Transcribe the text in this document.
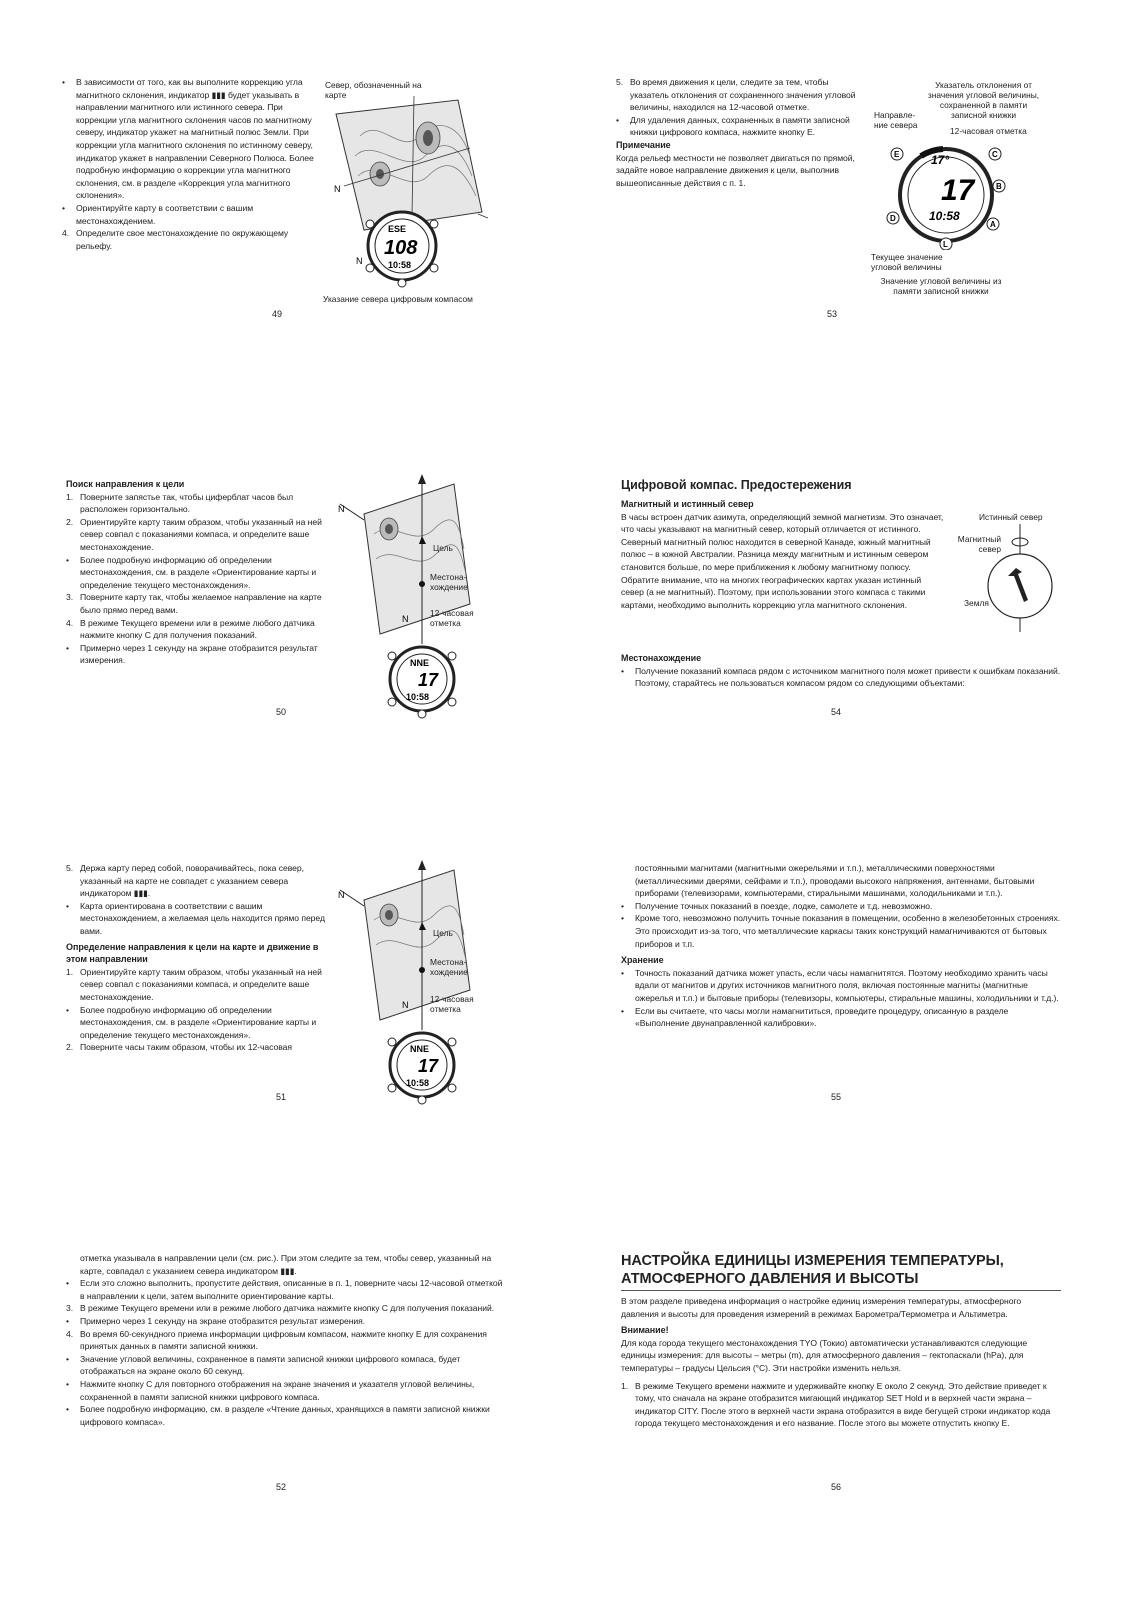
• В зависимости от того, как вы выполните коррекцию угла магнитного склонения, индикатор ▮▮▮ будет указывать в направлении магнитного или истинного севера. При коррекции угла магнитного склонения часов по магнитному северу, индикатор укажет на магнитный полюс Земли. При коррекции угла магнитного склонения по истинному северу, индикатор укажет в направлении Северного Полюса. Более подробную информацию о коррекции угла магнитного склонения, см. в разделе «Коррекция угла магнитного склонения».

• Ориентируйте карту в соответствии с вашим местонахождением.

4. Определите свое местонахождение по окружающему рельефу.

Север, обозначенный на карте
N
N
ESE
108
10:58
Указание севера цифровым компасом
49

5. Во время движения к цели, следите за тем, чтобы указатель отклонения от сохраненного значения угловой величины, находился на 12-часовой отметке.

• Для удаления данных, сохраненных в памяти записной книжки цифрового компаса, нажмите кнопку E.

Примечание

Когда рельеф местности не позволяет двигаться по прямой, задайте новое направление движения к цели, выполнив вышеописанные действия с п. 1.

Указатель отклонения от значения угловой величины, сохраненной в памяти записной книжки
Направле-ние севера
12-часовая отметка
17°
17
10:58
E	C
B
A
D
L
Текущее значение угловой величины
Значение угловой величины из памяти записной книжки
53

Поиск направления к цели

1. Поверните запястье так, чтобы циферблат часов был расположен горизонтально.

2. Ориентируйте карту таким образом, чтобы указанный на ней север совпал с показаниями компаса, и определите ваше местонахождение.

• Более подробную информацию об определении местонахождения, см. в разделе «Ориентирование карты и определение текущего местонахождения».

3. Поверните карту так, чтобы желаемое направление на карте было прямо перед вами.

4. В режиме Текущего времени или в режиме любого датчика нажмите кнопку C для получения показаний.

• Примерно через 1 секунду на экране отобразится результат измерения.

N
N
NNE
17
10:58
Цель
Местона-хождение
12-часовая отметка
50

Цифровой компас. Предостережения

Магнитный и истинный север

В часы встроен датчик азимута, определяющий земной магнетизм. Это означает, что часы указывают на магнитный север, который отличается от истинного. Северный магнитный полюс находится в северной Канаде, южный магнитный полюс – в южной Австралии. Разница между магнитным и истинным севером становится больше, по мере приближения к любому магнитному полюсу. Обратите внимание, что на многих географических картах указан истинный север (а не магнитный). Поэтому, при использовании этого компаса с такими картами, необходимо выполнить коррекцию угла магнитного склонения.

Истинный север
Магнитный север
Земля

Местонахождение

• Получение показаний компаса рядом с источником магнитного поля может привести к ошибкам показаний. Поэтому, старайтесь не пользоваться компасом рядом со следующими объектами:

54

5. Держа карту перед собой, поворачивайтесь, пока север, указанный на карте не совпадет с указанием севера индикатором ▮▮▮.

• Карта ориентирована в соответствии с вашим местонахождением, а желаемая цель находится прямо перед вами.

Определение направления к цели на карте и движение в этом направлении

1. Ориентируйте карту таким образом, чтобы указанный на ней север совпал с показаниями компаса, и определите ваше местонахождение.

• Более подробную информацию об определении местонахождения, см. в разделе «Ориентирование карты и определение текущего местонахождения».

2. Поверните часы таким образом, чтобы их 12-часовая

N
N
NNE
17
10:58
Цель
Местона-хождение
12-часовая отметка
51

постоянными магнитами (магнитными ожерельями и т.п.), металлическими поверхностями (металлическими дверями, сейфами и т.п.), проводами высокого напряжения, антеннами, бытовыми приборами (телевизорами, компьютерами, стиральными машинами, холодильниками и т.п.).

• Получение точных показаний в поезде, лодке, самолете и т.д. невозможно.

• Кроме того, невозможно получить точные показания в помещении, особенно в железобетонных строениях. Это происходит из-за того, что металлические каркасы таких конструкций намагничиваются от бытовых приборов и т.п.

Хранение

• Точность показаний датчика может упасть, если часы намагнитятся. Поэтому необходимо хранить часы вдали от магнитов и других источников магнитного поля, включая постоянные магниты (магнитные ожерелья и т.п.) и бытовые приборы (телевизоры, компьютеры, стиральные машины, холодильники и т.д.).

• Если вы считаете, что часы могли намагнититься, проведите процедуру, описанную в разделе «Выполнение двунаправленной калибровки».

55

отметка указывала в направлении цели (см. рис.). При этом следите за тем, чтобы север, указанный на карте, совпадал с указанием севера индикатором ▮▮▮.

• Если это сложно выполнить, пропустите действия, описанные в п. 1, поверните часы 12-часовой отметкой в направлении к цели, затем выполните ориентирование карты.

3. В режиме Текущего времени или в режиме любого датчика нажмите кнопку C для получения показаний.

• Примерно через 1 секунду на экране отобразится результат измерения.

4. Во время 60-секундного приема информации цифровым компасом, нажмите кнопку E для сохранения принятых данных в памяти записной книжки.

• Значение угловой величины, сохраненное в памяти записной книжки цифрового компаса, будет отображаться на экране около 60 секунд.

• Нажмите кнопку C для повторного отображения на экране значения и указателя угловой величины, сохраненной в памяти записной книжки цифрового компаса.

• Более подробную информацию, см. в разделе «Чтение данных, хранящихся в памяти записной книжки цифрового компаса».

52

НАСТРОЙКА ЕДИНИЦЫ ИЗМЕРЕНИЯ ТЕМПЕРАТУРЫ,

АТМОСФЕРНОГО ДАВЛЕНИЯ И ВЫСОТЫ

В этом разделе приведена информация о настройке единиц измерения температуры, атмосферного давления и высоты для проведения измерений в режимах Барометра/Термометра и Альтиметра.

Внимание!

Для кода города текущего местонахождения TYO (Токио) автоматически устанавливаются следующие единицы измерения: для высоты – метры (m), для атмосферного давления – гектопаскали (hPa), для температуры – градусы Цельсия (°C). Эти настройки изменить нельзя.

1. В режиме Текущего времени нажмите и удерживайте кнопку E около 2 секунд. Это действие приведет к тому, что сначала на экране отобразится мигающий индикатор SET Hold и в верхней части экрана – индикатор CITY. После этого в верхней части экрана отобразится в виде бегущей строки индикатор кода города текущего местонахождения и его название. После этого вы можете отпустить кнопку E.

56
